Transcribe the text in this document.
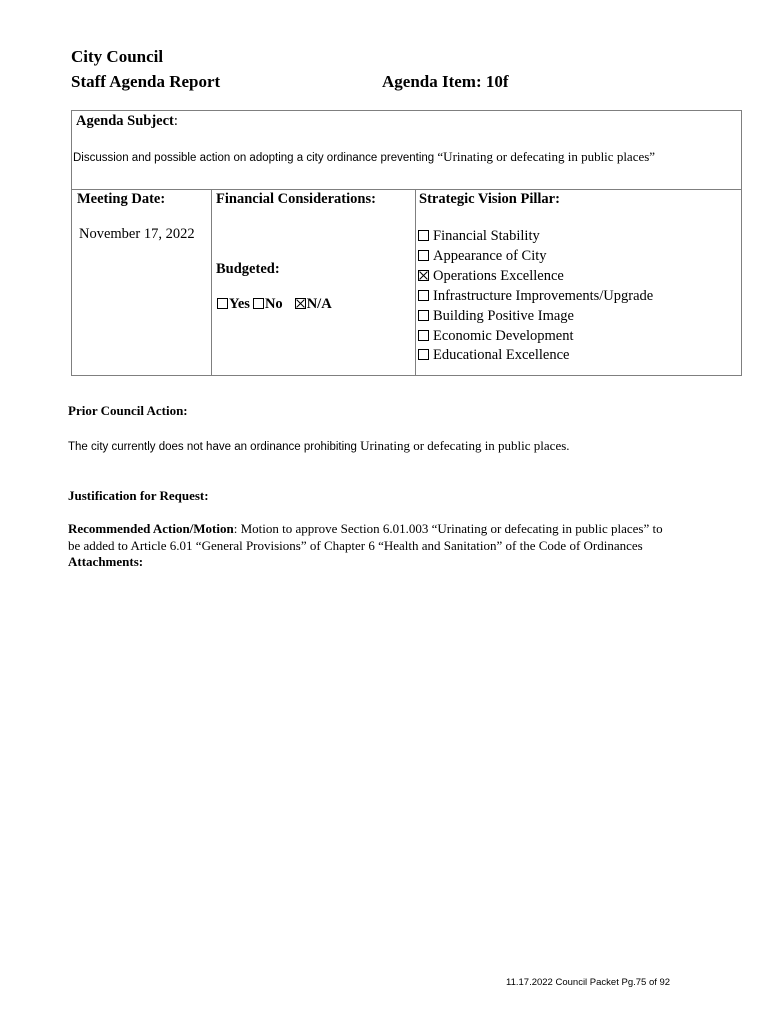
City Council
Staff Agenda Report	Agenda Item: 10f
Agenda Subject:
Discussion and possible action on adopting a city ordinance preventing “Urinating or defecating in public places”
Meeting Date:
November 17, 2022
Financial Considerations:
Budgeted:
Yes No N/A
Strategic Vision Pillar:
Financial Stability
Appearance of City
Operations Excellence
Infrastructure Improvements/Upgrade
Building Positive Image
Economic Development
Educational Excellence
Prior Council Action:
The city currently does not have an ordinance prohibiting Urinating or defecating in public places.
Justification for Request:
Recommended Action/Motion: Motion to approve Section 6.01.003 “Urinating or defecating in public places” to
be added to Article 6.01 “General Provisions” of Chapter 6 “Health and Sanitation” of the Code of Ordinances
Attachments:
11.17.2022 Council Packet Pg.75 of 92
